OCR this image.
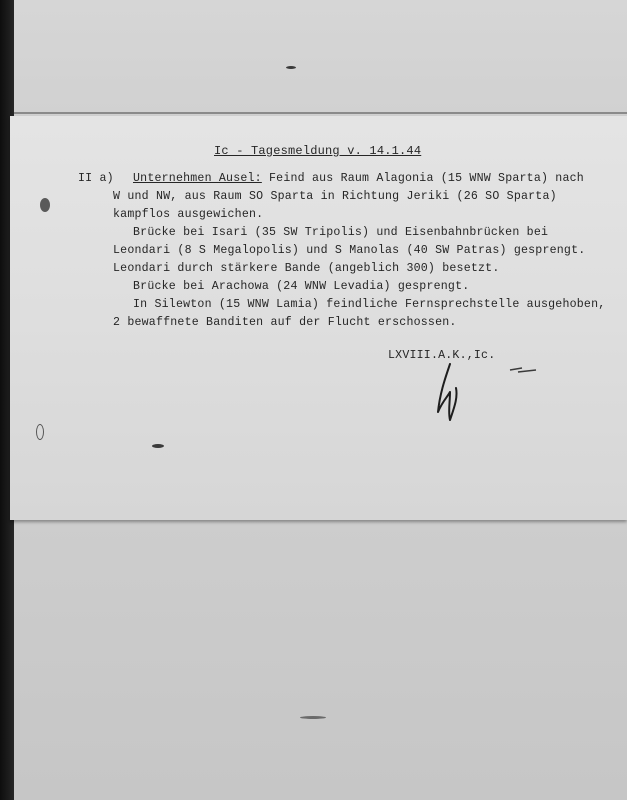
Ic - Tagesmeldung v. 14.1.44
II a) Unternehmen Ausel: Feind aus Raum Alagonia (15 WNW Sparta) nach
W und NW, aus Raum SO Sparta in Richtung Jeriki (26 SO Sparta)
kampflos ausgewichen.
Brücke bei Isari (35 SW Tripolis) und Eisenbahnbrücken bei
Leondari (8 S Megalopolis) und S Manolas (40 SW Patras) gesprengt.
Leondari durch stärkere Bande (angeblich 300) besetzt.
Brücke bei Arachowa (24 WNW Levadia) gesprengt.
In Silewton (15 WNW Lamia) feindliche Fernsprechstelle ausgehoben,
2 bewaffnete Banditen auf der Flucht erschossen.
LXVIII.A.K.,Ic.
